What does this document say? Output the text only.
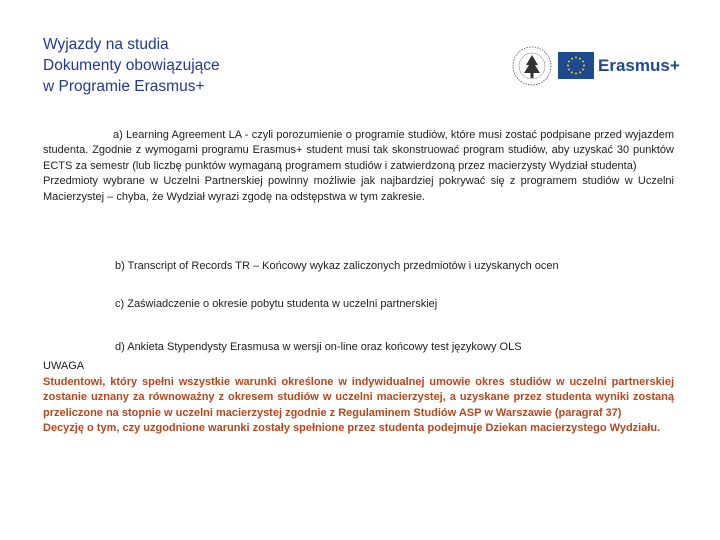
Wyjazdy na studia
Dokumenty obowiązujące
w Programie Erasmus+
Erasmus+
a) Learning Agreement LA - czyli porozumienie o programie studiów, które musi zostać podpisane przed wyjazdem studenta. Zgodnie z wymogami programu Erasmus+ student musi tak skonstruować program studiów, aby uzyskać 30 punktów ECTS za semestr (lub liczbę punktów wymaganą programem studiów i zatwierdzoną przez macierzysty Wydział studenta)
Przedmioty wybrane w Uczelni Partnerskiej powinny możliwie jak najbardziej pokrywać się z programem studiów w Uczelni Macierzystej – chyba, że Wydział wyrazi zgodę na odstępstwa w tym zakresie.
b) Transcript of Records TR – Końcowy wykaz zaliczonych przedmiotów i uzyskanych ocen
c) Zaświadczenie o okresie pobytu studenta w uczelni partnerskiej
d) Ankieta Stypendysty Erasmusa w wersji on-line oraz końcowy test językowy OLS
UWAGA
Studentowi, który spełni wszystkie warunki określone w indywidualnej umowie okres studiów w uczelni partnerskiej zostanie uznany za równoważny z okresem studiów w uczelni macierzystej, a uzyskane przez studenta wyniki zostaną przeliczone na stopnie w uczelni macierzystej zgodnie z Regulaminem Studiów ASP w Warszawie (paragraf 37)
Decyzję o tym, czy uzgodnione warunki zostały spełnione przez studenta podejmuje Dziekan macierzystego Wydziału.
